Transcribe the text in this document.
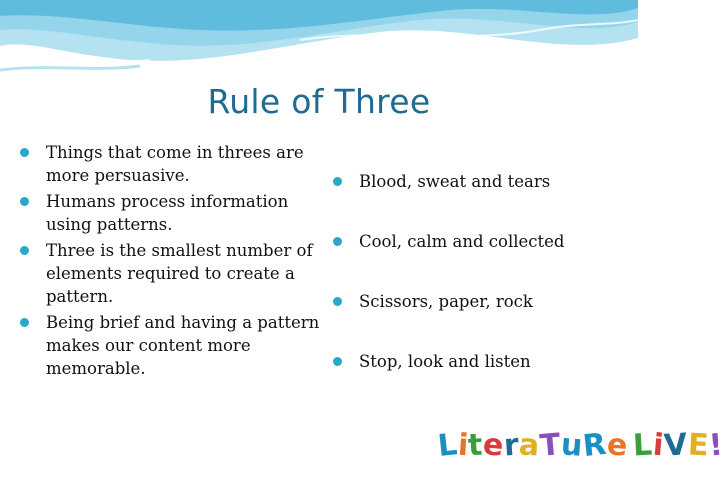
Rule of Three
Things that come in threes are more persuasive.
Humans process information using patterns.
Three is the smallest number of elements required to create a pattern.
Being brief and having a pattern makes our content more memorable.
Blood, sweat and tears
Cool, calm and collected
Scissors, paper, rock
Stop, look and listen
LiteraTuRe LiVE!
